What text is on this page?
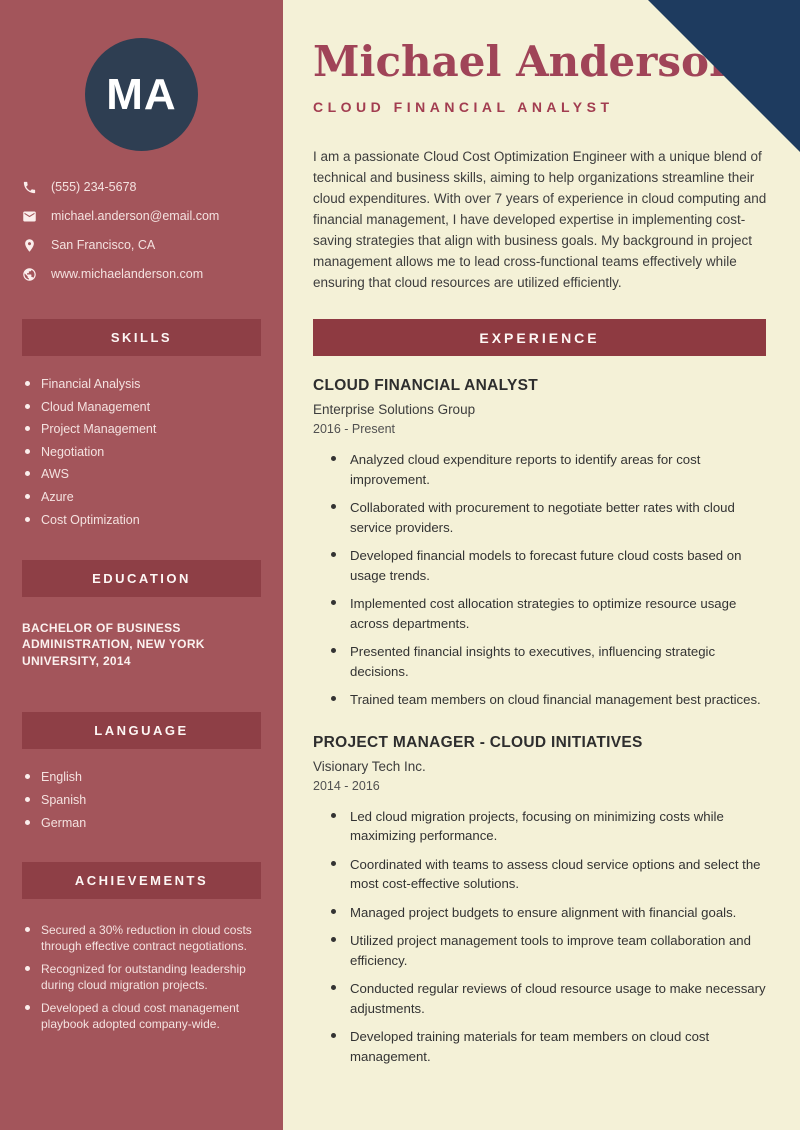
MA
(555) 234-5678
michael.anderson@email.com
San Francisco, CA
www.michaelanderson.com
SKILLS
Financial Analysis
Cloud Management
Project Management
Negotiation
AWS
Azure
Cost Optimization
EDUCATION
BACHELOR OF BUSINESS ADMINISTRATION, NEW YORK UNIVERSITY, 2014
LANGUAGE
English
Spanish
German
ACHIEVEMENTS
Secured a 30% reduction in cloud costs through effective contract negotiations.
Recognized for outstanding leadership during cloud migration projects.
Developed a cloud cost management playbook adopted company-wide.
Michael Anderson
CLOUD FINANCIAL ANALYST

I am a passionate Cloud Cost Optimization Engineer with a unique blend of technical and business skills, aiming to help organizations streamline their cloud expenditures. With over 7 years of experience in cloud computing and financial management, I have developed expertise in implementing cost-saving strategies that align with business goals. My background in project management allows me to lead cross-functional teams effectively while ensuring that cloud resources are utilized efficiently.

EXPERIENCE
CLOUD FINANCIAL ANALYST
Enterprise Solutions Group
2016 - Present
Analyzed cloud expenditure reports to identify areas for cost improvement.
Collaborated with procurement to negotiate better rates with cloud service providers.
Developed financial models to forecast future cloud costs based on usage trends.
Implemented cost allocation strategies to optimize resource usage across departments.
Presented financial insights to executives, influencing strategic decisions.
Trained team members on cloud financial management best practices.
PROJECT MANAGER - CLOUD INITIATIVES
Visionary Tech Inc.
2014 - 2016
Led cloud migration projects, focusing on minimizing costs while maximizing performance.
Coordinated with teams to assess cloud service options and select the most cost-effective solutions.
Managed project budgets to ensure alignment with financial goals.
Utilized project management tools to improve team collaboration and efficiency.
Conducted regular reviews of cloud resource usage to make necessary adjustments.
Developed training materials for team members on cloud cost management.
